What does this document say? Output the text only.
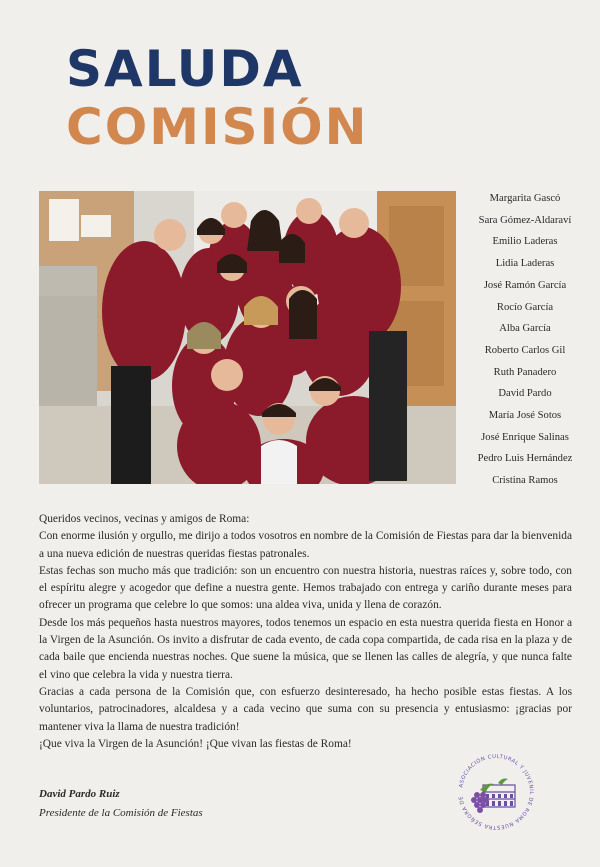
SALUDA
COMISIÓN
Margarita Gascó
Sara Gómez-Aldaraví
Emilio Laderas
Lidia Laderas
José Ramón García
Rocío García
Alba García
Roberto Carlos Gil
Ruth Panadero
David Pardo
María José Sotos
José Enrique Salinas
Pedro Luis Hernández
Cristina Ramos

Queridos vecinos, vecinas y amigos de Roma:

Con enorme ilusión y orgullo, me dirijo a todos vosotros en nombre de la Comisión de Fiestas para dar la bienvenida a una nueva edición de nuestras queridas fiestas patronales.

Estas fechas son mucho más que tradición: son un encuentro con nuestra historia, nuestras raíces y, sobre todo, con el espíritu alegre y acogedor que define a nuestra gente. Hemos trabajado con entrega y cariño durante meses para ofrecer un programa que celebre lo que somos: una aldea viva, unida y llena de corazón.

Desde los más pequeños hasta nuestros mayores, todos tenemos un espacio en esta nuestra querida fiesta en Honor a la Virgen de la Asunción. Os invito a disfrutar de cada evento, de cada copa compartida, de cada risa en la plaza y de cada baile que encienda nuestras noches. Que suene la música, que se llenen las calles de alegría, y que nunca falte el vino que celebra la vida y nuestra tierra.

Gracias a cada persona de la Comisión que, con esfuerzo desinteresado, ha hecho posible estas fiestas. A los voluntarios, patrocinadores, alcaldesa y a cada vecino que suma con su presencia y entusiasmo: ¡gracias por mantener viva la llama de nuestra tradición!

¡Que viva la Virgen de la Asunción! ¡Que vivan las fiestas de Roma!

David Pardo Ruiz
Presidente de la Comisión de Fiestas
ASOCIACIÓN CULTURAL Y JUVENIL DE ROMA NUESTRA SEÑORA DE
